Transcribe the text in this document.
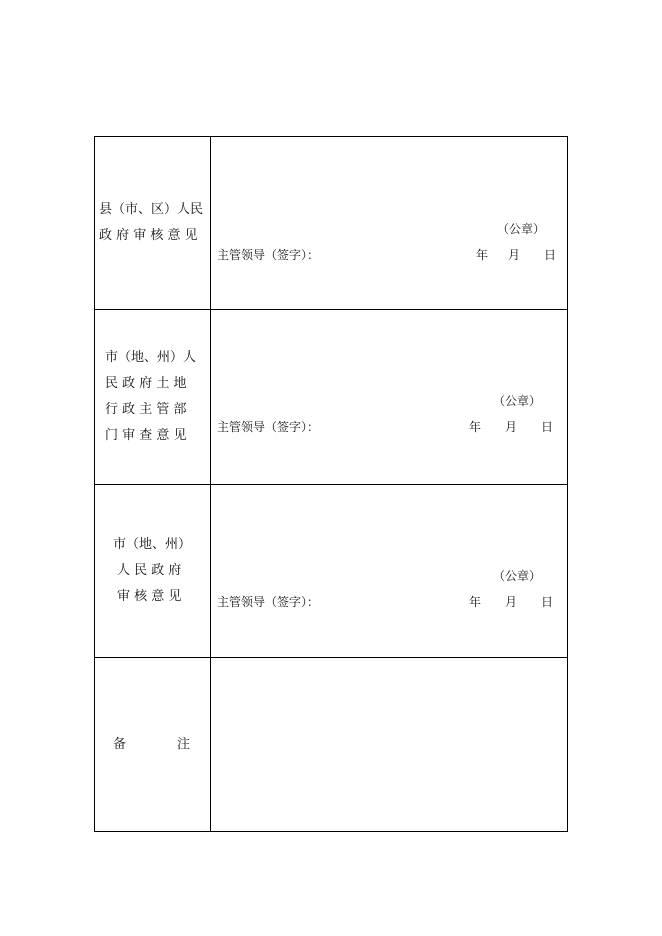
县（市、区）人民
政 府 审 核 意 见	（公章）
主管领导（签字）： 年 月 日

市（地、州）人
民 政 府 土 地
行 政 主 管 部
门 审 查 意 见	（公章）
主管领导（签字）： 年 月 日

市（地、州）
人 民 政 府
审 核 意 见	（公章）
主管领导（签字）： 年 月 日

备 注	
